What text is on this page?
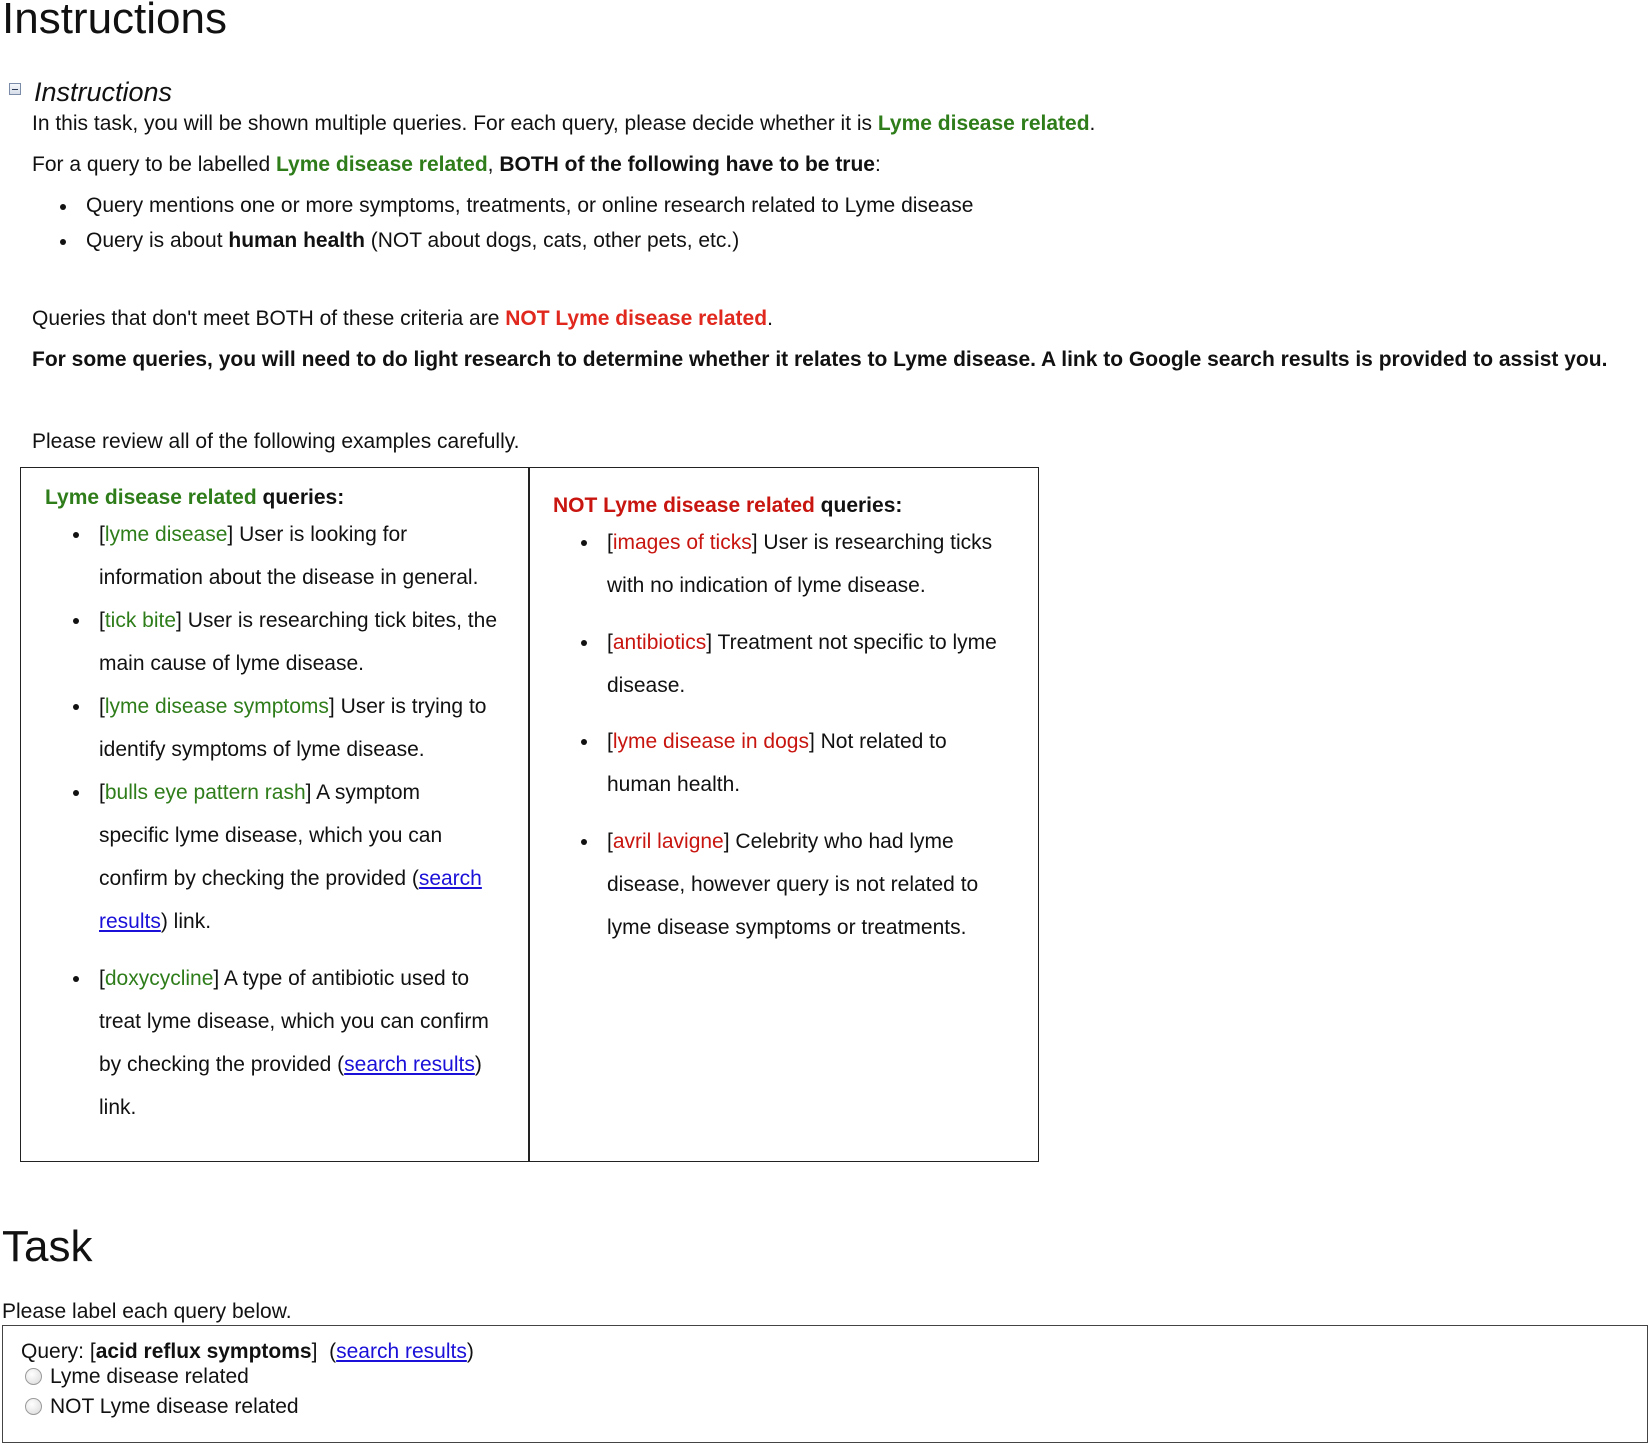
Instructions
Instructions
In this task, you will be shown multiple queries. For each query, please decide whether it is Lyme disease related.
For a query to be labelled Lyme disease related, BOTH of the following have to be true:
Query mentions one or more symptoms, treatments, or online research related to Lyme disease
Query is about human health (NOT about dogs, cats, other pets, etc.)
Queries that don't meet BOTH of these criteria are NOT Lyme disease related.
For some queries, you will need to do light research to determine whether it relates to Lyme disease. A link to Google search results is provided to assist you.
Please review all of the following examples carefully.
Lyme disease related queries:
[lyme disease] User is looking for
information about the disease in general.
[tick bite] User is researching tick bites, the
main cause of lyme disease.
[lyme disease symptoms] User is trying to
identify symptoms of lyme disease.
[bulls eye pattern rash] A symptom
specific lyme disease, which you can
confirm by checking the provided (search
results) link.
[doxycycline] A type of antibiotic used to
treat lyme disease, which you can confirm
by checking the provided (search results)
link.
NOT Lyme disease related queries:
[images of ticks] User is researching ticks
with no indication of lyme disease.
[antibiotics] Treatment not specific to lyme
disease.
[lyme disease in dogs] Not related to
human health.
[avril lavigne] Celebrity who had lyme
disease, however query is not related to
lyme disease symptoms or treatments.
Task
Please label each query below.
Query: [acid reflux symptoms] (search results)
Lyme disease related
NOT Lyme disease related
